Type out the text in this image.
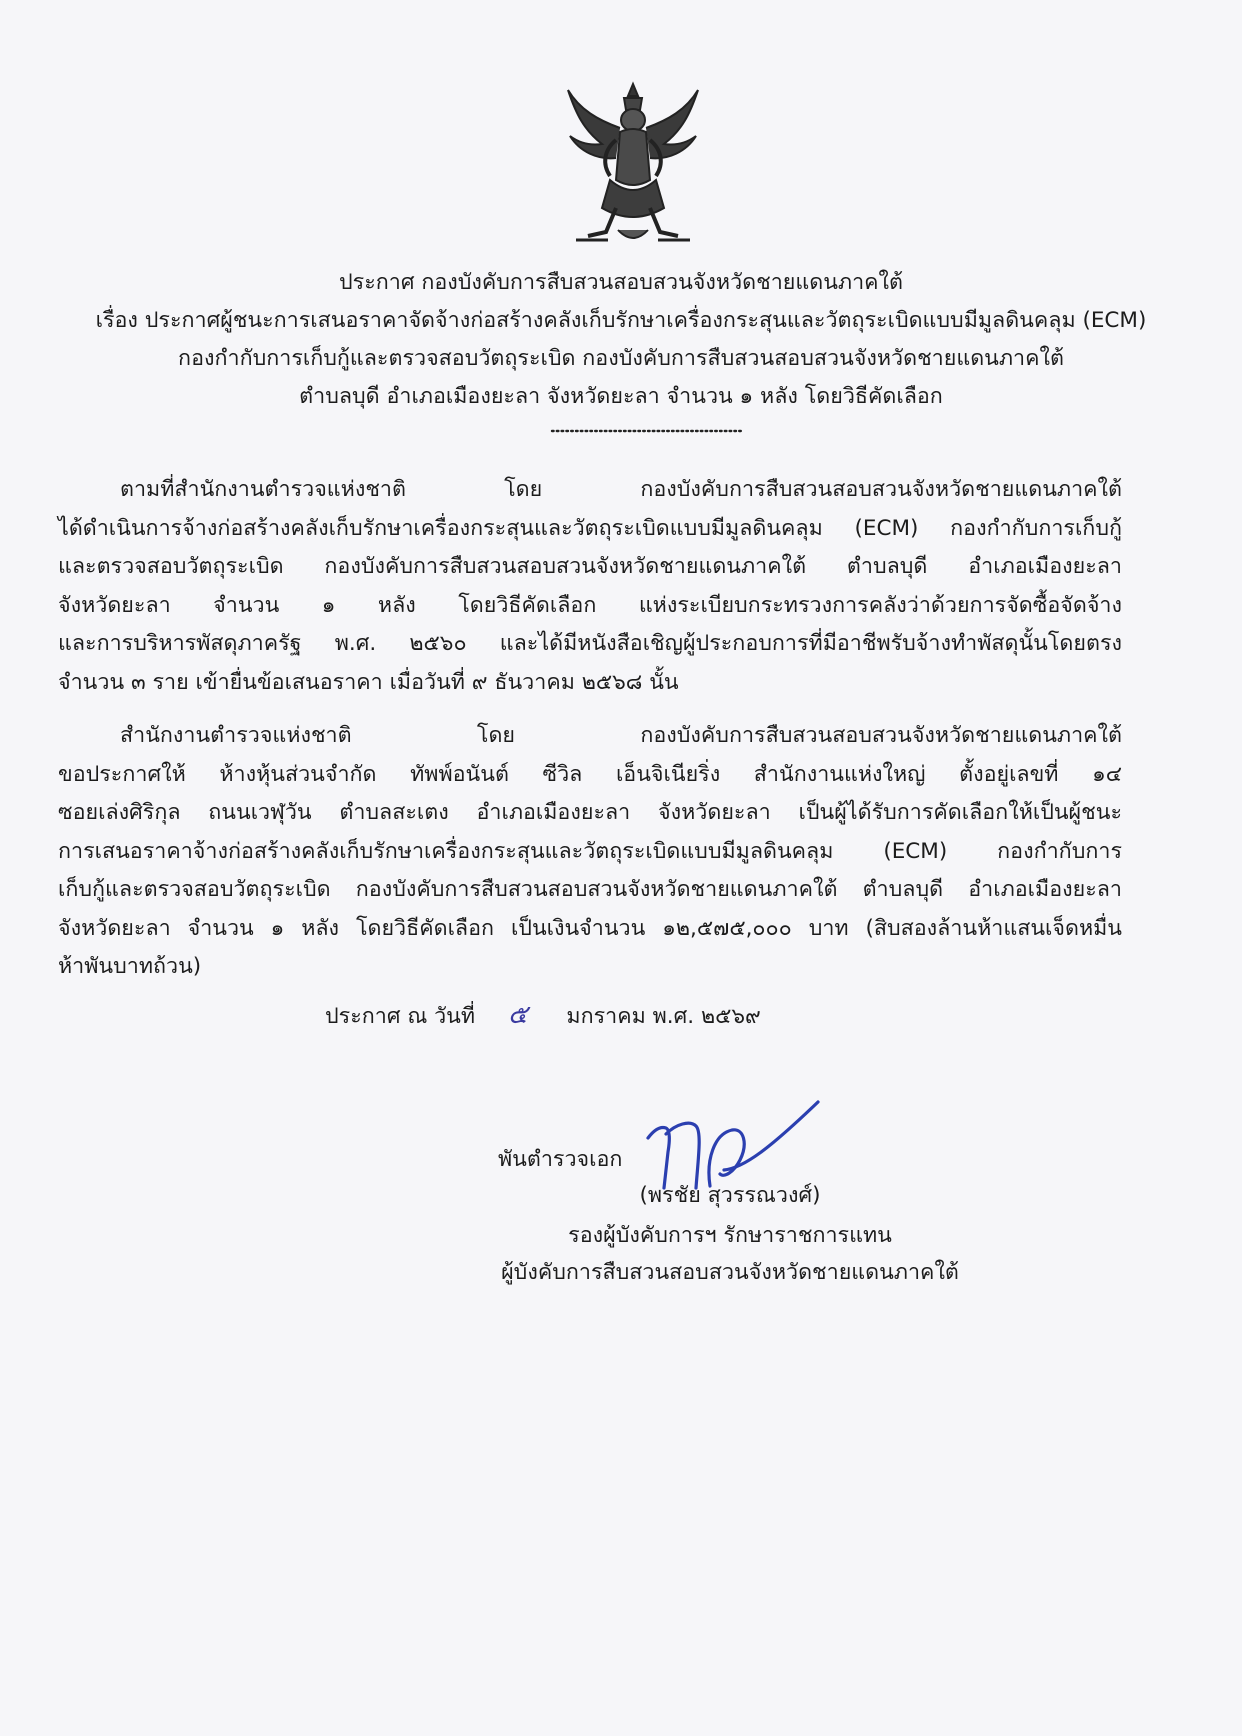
ประกาศ กองบังคับการสืบสวนสอบสวนจังหวัดชายแดนภาคใต้

เรื่อง ประกาศผู้ชนะการเสนอราคาจัดจ้างก่อสร้างคลังเก็บรักษาเครื่องกระสุนและวัตถุระเบิดแบบมีมูลดินคลุม (ECM)

กองกำกับการเก็บกู้และตรวจสอบวัตถุระเบิด กองบังคับการสืบสวนสอบสวนจังหวัดชายแดนภาคใต้

ตำบลบุดี อำเภอเมืองยะลา จังหวัดยะลา จำนวน ๑ หลัง โดยวิธีคัดเลือก

ตามที่สำนักงานตำรวจแห่งชาติ โดย กองบังคับการสืบสวนสอบสวนจังหวัดชายแดนภาคใต้
ได้ดำเนินการจ้างก่อสร้างคลังเก็บรักษาเครื่องกระสุนและวัตถุระเบิดแบบมีมูลดินคลุม (ECM) กองกำกับการเก็บกู้
และตรวจสอบวัตถุระเบิด กองบังคับการสืบสวนสอบสวนจังหวัดชายแดนภาคใต้ ตำบลบุดี อำเภอเมืองยะลา
จังหวัดยะลา จำนวน ๑ หลัง โดยวิธีคัดเลือก แห่งระเบียบกระทรวงการคลังว่าด้วยการจัดซื้อจัดจ้าง
และการบริหารพัสดุภาครัฐ พ.ศ. ๒๕๖๐ และได้มีหนังสือเชิญผู้ประกอบการที่มีอาชีพรับจ้างทำพัสดุนั้นโดยตรง
จำนวน ๓ ราย เข้ายื่นข้อเสนอราคา เมื่อวันที่ ๙ ธันวาคม ๒๕๖๘ นั้น
สำนักงานตำรวจแห่งชาติ โดย กองบังคับการสืบสวนสอบสวนจังหวัดชายแดนภาคใต้
ขอประกาศให้ ห้างหุ้นส่วนจำกัด ทัพพ์อนันต์ ซีวิล เอ็นจิเนียริ่ง สำนักงานแห่งใหญ่ ตั้งอยู่เลขที่ ๑๔
ซอยเล่งศิริกุล ถนนเวฬุวัน ตำบลสะเตง อำเภอเมืองยะลา จังหวัดยะลา เป็นผู้ได้รับการคัดเลือกให้เป็นผู้ชนะ
การเสนอราคาจ้างก่อสร้างคลังเก็บรักษาเครื่องกระสุนและวัตถุระเบิดแบบมีมูลดินคลุม (ECM) กองกำกับการ
เก็บกู้และตรวจสอบวัตถุระเบิด กองบังคับการสืบสวนสอบสวนจังหวัดชายแดนภาคใต้ ตำบลบุดี อำเภอเมืองยะลา
จังหวัดยะลา จำนวน ๑ หลัง โดยวิธีคัดเลือก เป็นเงินจำนวน ๑๒,๕๗๕,๐๐๐ บาท (สิบสองล้านห้าแสนเจ็ดหมื่น
ห้าพันบาทถ้วน)
ประกาศ ณ วันที่ ๕ มกราคม พ.ศ. ๒๕๖๙
พันตำรวจเอก
(พรชัย สุวรรณวงศ์)
รองผู้บังคับการฯ รักษาราชการแทน
ผู้บังคับการสืบสวนสอบสวนจังหวัดชายแดนภาคใต้
